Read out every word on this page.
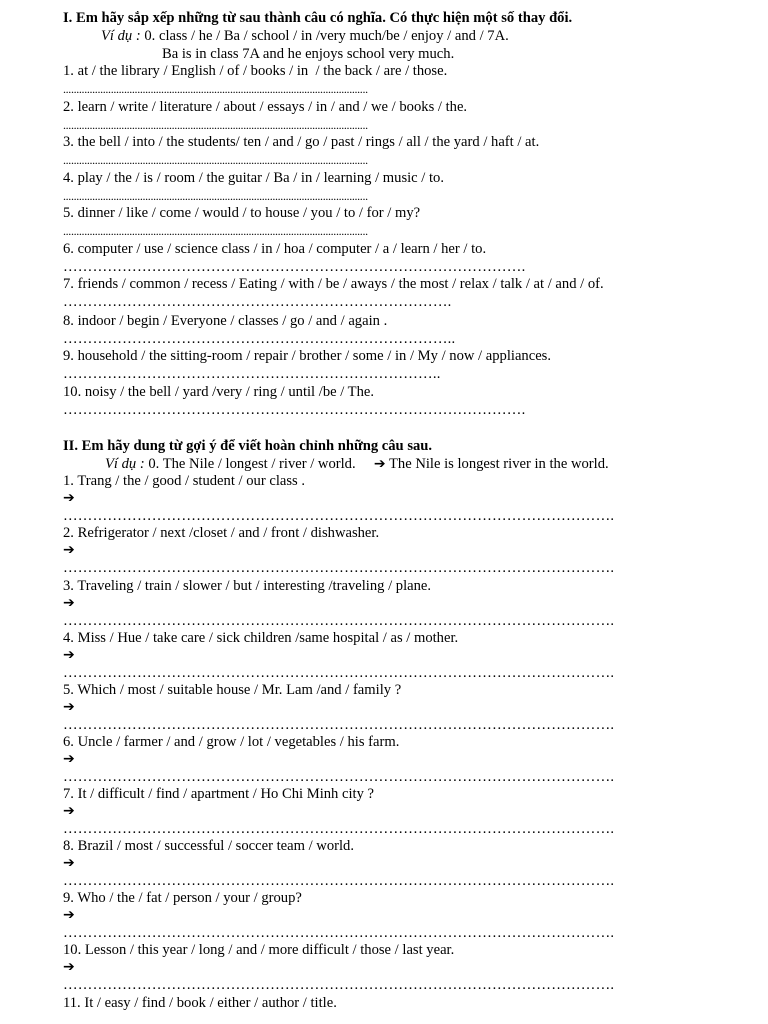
I. Em hãy sắp xếp những từ sau thành câu có nghĩa. Có thực hiện một số thay đổi.
Ví dụ : 0. class / he / Ba / school / in /very much/be / enjoy / and / 7A.
Ba is in class 7A and he enjoys school very much.
1. at / the library / English / of / books / in  / the back / are / those.
...................................................................................................................
2. learn / write / literature / about / essays / in / and / we / books / the.
...................................................................................................................
3. the bell / into / the students/ ten / and / go / past / rings / all / the yard / haft / at.
...................................................................................................................
4. play / the / is / room / the guitar / Ba / in / learning / music / to.
...................................................................................................................
5. dinner / like / come / would / to house / you / to / for / my?
...................................................................................................................
6. computer / use / science class / in / hoa / computer / a / learn / her / to.
………………………………………………………………………………….
7. friends / common / recess / Eating / with / be / aways / the most / relax / talk / at / and / of.
…………………………………………………………………….
8. indoor / begin / Everyone / classes / go / and / again .
……………………………………………………………………..
9. household / the sitting-room / repair / brother / some / in / My / now / appliances.
…………………………………………………………………..
10. noisy / the bell / yard /very / ring / until /be / The.
………………………………………………………………………………….
II. Em hãy dung từ gợi ý để viết hoàn chỉnh những câu sau.
Ví dụ : 0. The Nile / longest / river / world.     ➔ The Nile is longest river in the world.
1. Trang / the / good / student / our class .
➔
………………………………………………………………………………………………….
2. Refrigerator / next /closet / and / front / dishwasher.
➔
………………………………………………………………………………………………….
3. Traveling / train / slower / but / interesting /traveling / plane.
➔
………………………………………………………………………………………………….
4. Miss / Hue / take care / sick children /same hospital / as / mother.
➔
………………………………………………………………………………………………….
5. Which / most / suitable house / Mr. Lam /and / family ?
➔
………………………………………………………………………………………………….
6. Uncle / farmer / and / grow / lot / vegetables / his farm.
➔
………………………………………………………………………………………………….
7. It / difficult / find / apartment / Ho Chi Minh city ?
➔
………………………………………………………………………………………………….
8. Brazil / most / successful / soccer team / world.
➔
………………………………………………………………………………………………….
9. Who / the / fat / person / your / group?
➔
………………………………………………………………………………………………….
10. Lesson / this year / long / and / more difficult / those / last year.
➔
………………………………………………………………………………………………….
11. It / easy / find / book / either / author / title.
